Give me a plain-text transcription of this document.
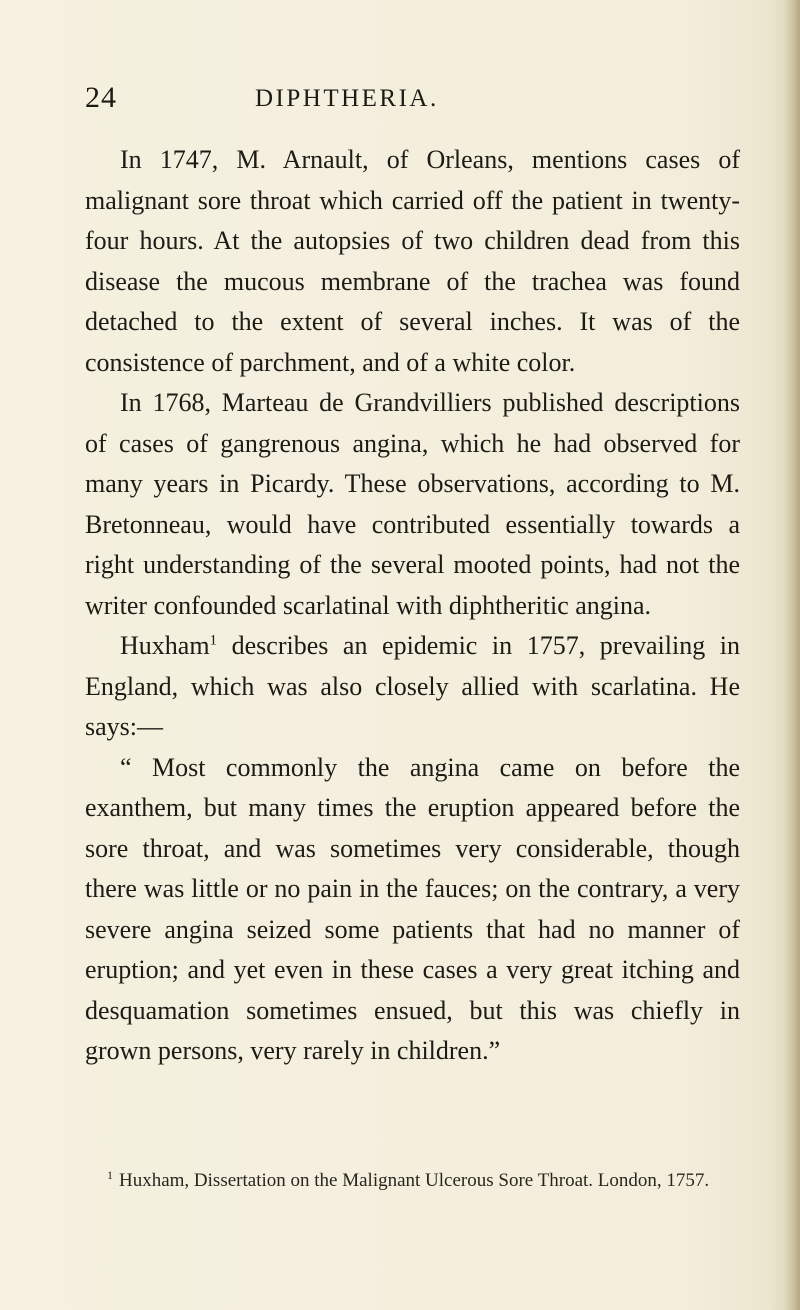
24	DIPHTHERIA.

In 1747, M. Arnault, of Orleans, mentions cases of malignant sore throat which carried off the patient in twenty-four hours. At the autopsies of two children dead from this disease the mucous membrane of the trachea was found detached to the extent of several inches. It was of the consistence of parchment, and of a white color.

In 1768, Marteau de Grandvilliers published descriptions of cases of gangrenous angina, which he had observed for many years in Picardy. These observations, according to M. Bretonneau, would have contributed essentially towards a right understanding of the several mooted points, had not the writer confounded scarlatinal with diphtheritic angina.

Huxham$^1$ describes an epidemic in 1757, prevailing in England, which was also closely allied with scarlatina. He says:—

“ Most commonly the angina came on before the exanthem, but many times the eruption appeared before the sore throat, and was sometimes very considerable, though there was little or no pain in the fauces; on the contrary, a very severe angina seized some patients that had no manner of eruption; and yet even in these cases a very great itching and desquamation sometimes ensued, but this was chiefly in grown persons, very rarely in children.”

$^1$ Huxham, Dissertation on the Malignant Ulcerous Sore Throat. London, 1757.
